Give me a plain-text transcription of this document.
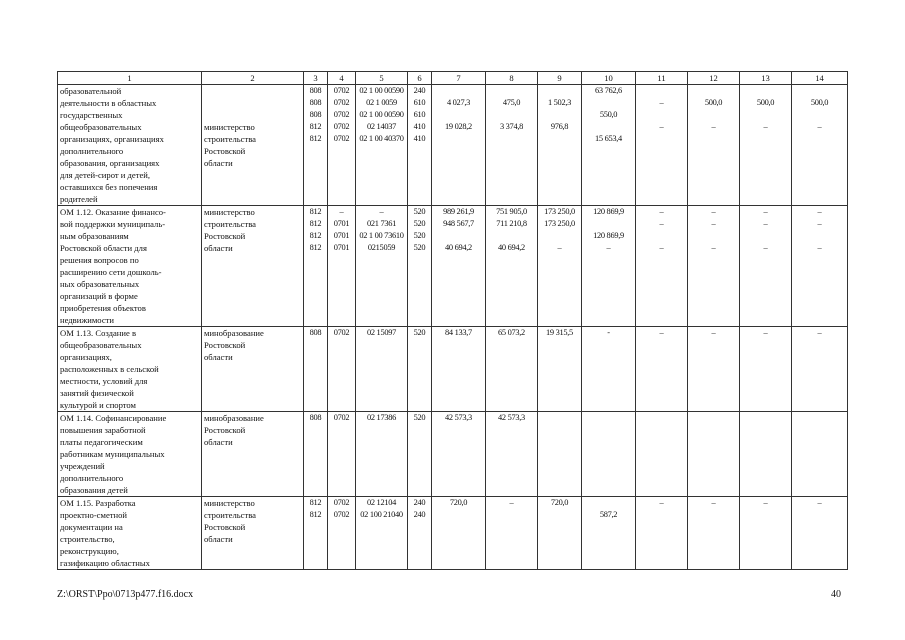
1	2	3	4	5	6	7	8	9	10	11	12	13	14
образовательной		808	0702	02 1 00 00590	240				63 762,6				
деятельности в областных		808	0702	02 1 0059	610	4 027,3	475,0	1 502,3		–	500,0	500,0	500,0
государственных		808	0702	02 1 00 00590	610				550,0				
общеобразовательных	министерство	812	0702	02 14037	410	19 028,2	3 374,8	976,8		–	–	–	–
организациях, организациях	строительства	812	0702	02 1 00 40370	410				15 653,4				
дополнительного	Ростовской												
образования, организациях	области												
для детей-сирот и детей,													
оставшихся без попечения													
родителей													
ОМ 1.12. Оказание финансо-	министерство	812	–	–	520	989 261,9	751 905,0	173 250,0	120 869,9	–	–	–	–
вой поддержки муниципаль-	строительства	812	0701	021 7361	520	948 567,7	711 210,8	173 250,0		–	–	–	–
ным образованиям	Ростовской	812	0701	02 1 00 73610	520				120 869,9				
Ростовской области для	области	812	0701	0215059	520	40 694,2	40 694,2	–	–	–	–	–	–
решения вопросов по													
расширению сети дошколь-													
ных образовательных													
организаций в форме													
приобретения объектов													
недвижимости													
ОМ 1.13. Создание в	минобразование	808	0702	02 15097	520	84 133,7	65 073,2	19 315,5	-	–	–	–	–
общеобразовательных	Ростовской												
организациях,	области												
расположенных в сельской													
местности, условий для													
занятий физической													
культурой и спортом													
ОМ 1.14. Софинансирование	минобразование	808	0702	02 17386	520	42 573,3	42 573,3						
повышения заработной	Ростовской												
платы педагогическим	области												
работникам муниципальных													
учреждений													
дополнительного													
образования детей													
ОМ 1.15. Разработка	министерство	812	0702	02 12104	240	720,0	–	720,0		–	–	–	–
проектно-сметной	строительства	812	0702	02 100 21040	240				587,2				
документации на	Ростовской												
строительство,	области												
реконструкцию,													
газификацию областных													
Z:\ORST\Ppo\0713p477.f16.docx	40
